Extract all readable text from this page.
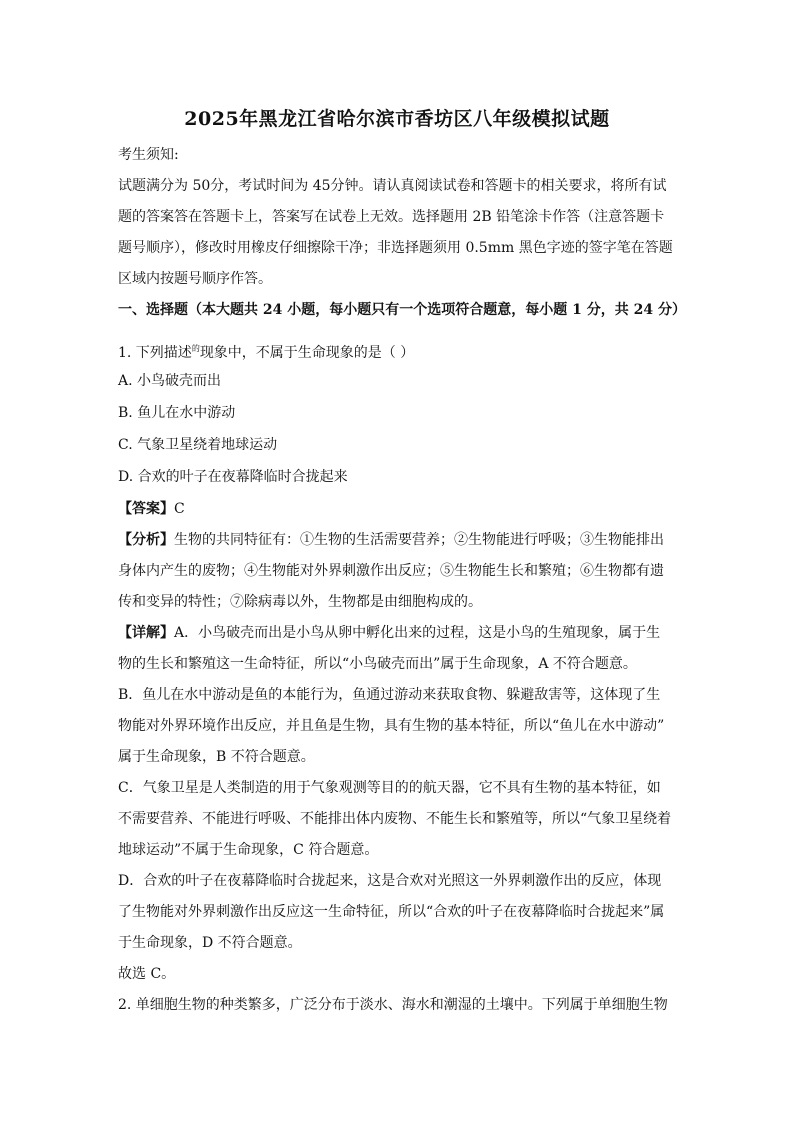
2025年黑龙江省哈尔滨市香坊区八年级模拟试题
考生须知:
试题满分为 50分，考试时间为 45分钟。请认真阅读试卷和答题卡的相关要求，将所有试
题的答案答在答题卡上，答案写在试卷上无效。选择题用 2B 铅笔涂卡作答（注意答题卡
题号顺序），修改时用橡皮仔细擦除干净；非选择题须用 0.5mm 黑色字迹的签字笔在答题
区域内按题号顺序作答。
一、选择题（本大题共 24 小题，每小题只有一个选项符合题意，每小题 1 分，共 24 分）
1. 下列描述$^的$现象中，不属于生命现象的是（ ）
A. 小鸟破壳而出
B. 鱼儿在水中游动
C. 气象卫星绕着地球运动
D. 合欢的叶子在夜幕降临时合拢起来
【答案】C
【分析】生物的共同特征有：①生物的生活需要营养；②生物能进行呼吸；③生物能排出
身体内产生的废物；④生物能对外界刺激作出反应；⑤生物能生长和繁殖；⑥生物都有遗
传和变异的特性；⑦除病毒以外，生物都是由细胞构成的。
【详解】A．小鸟破壳而出是小鸟从卵中孵化出来的过程，这是小鸟的生殖现象，属于生
物的生长和繁殖这一生命特征，所以“小鸟破壳而出”属于生命现象，A 不符合题意。
B．鱼儿在水中游动是鱼的本能行为，鱼通过游动来获取食物、躲避敌害等，这体现了生
物能对外界环境作出反应，并且鱼是生物，具有生物的基本特征，所以“鱼儿在水中游动”
属于生命现象，B 不符合题意。
C．气象卫星是人类制造的用于气象观测等目的的航天器，它不具有生物的基本特征，如
不需要营养、不能进行呼吸、不能排出体内废物、不能生长和繁殖等，所以“气象卫星绕着
地球运动”不属于生命现象，C 符合题意。
D．合欢的叶子在夜幕降临时合拢起来，这是合欢对光照这一外界刺激作出的反应，体现
了生物能对外界刺激作出反应这一生命特征，所以“合欢的叶子在夜幕降临时合拢起来”属
于生命现象，D 不符合题意。
故选 C。
2. 单细胞生物的种类繁多，广泛分布于淡水、海水和潮湿的土壤中。下列属于单细胞生物
